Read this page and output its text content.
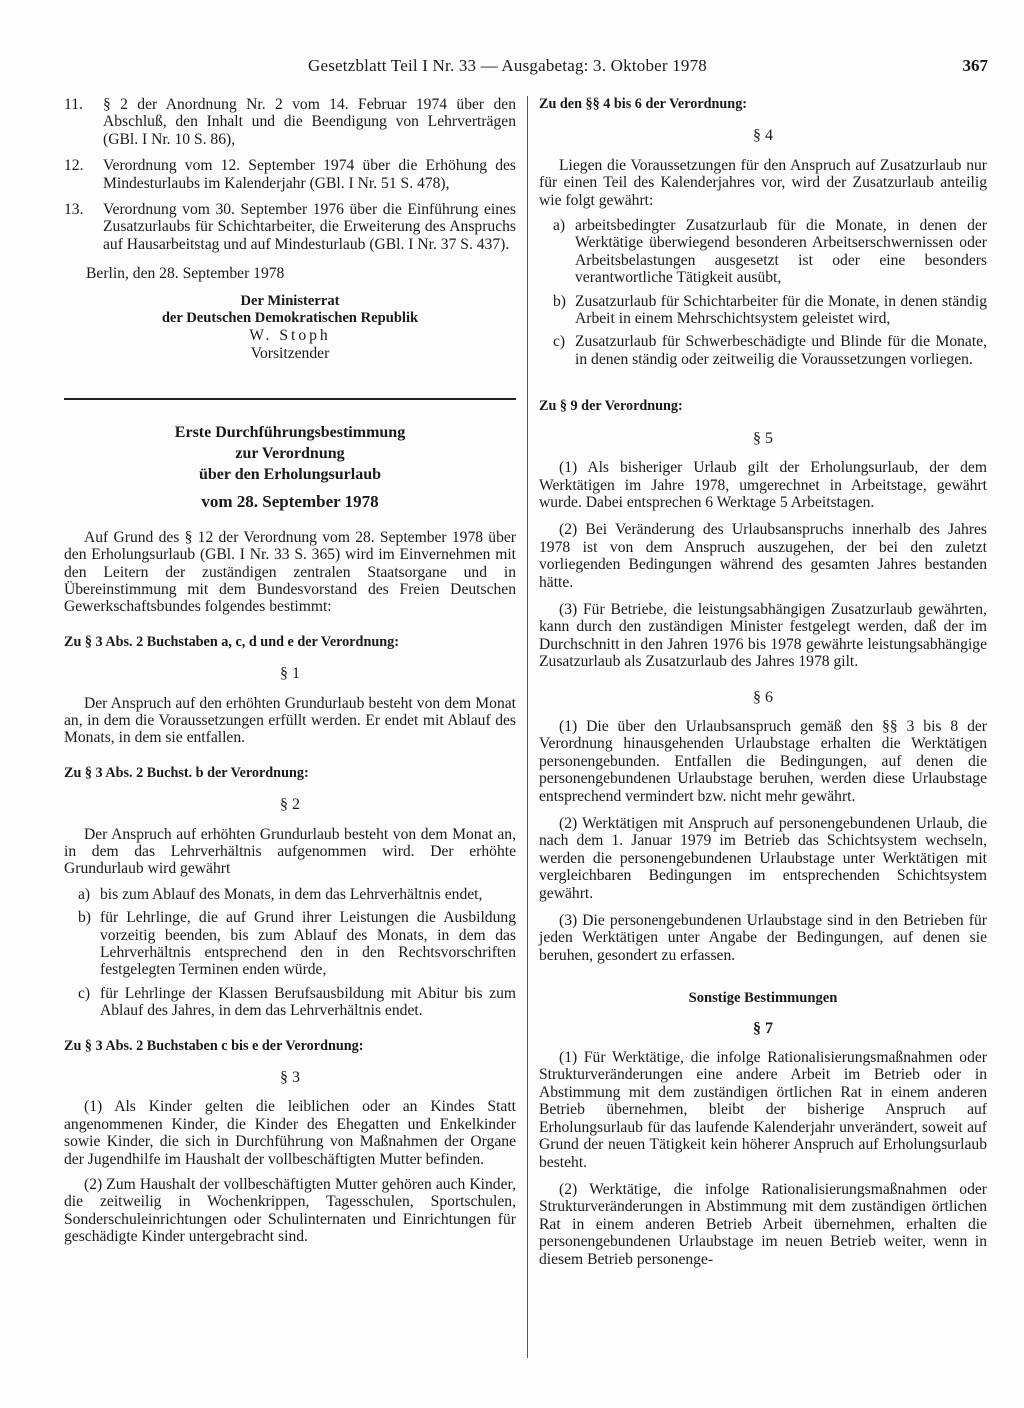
Gesetzblatt Teil I Nr. 33 — Ausgabetag: 3. Oktober 1978	367
11. § 2 der Anordnung Nr. 2 vom 14. Februar 1974 über den Abschluß, den Inhalt und die Beendigung von Lehrverträgen (GBl. I Nr. 10 S. 86),
12. Verordnung vom 12. September 1974 über die Erhöhung des Mindesturlaubs im Kalenderjahr (GBl. I Nr. 51 S. 478),
13. Verordnung vom 30. September 1976 über die Einführung eines Zusatzurlaubs für Schichtarbeiter, die Erweiterung des Anspruchs auf Hausarbeitstag und auf Mindesturlaub (GBl. I Nr. 37 S. 437).

Berlin, den 28. September 1978

Der Ministerrat
der Deutschen Demokratischen Republik
W. Stoph
Vorsitzender
Erste Durchführungsbestimmung
zur Verordnung
über den Erholungsurlaub
vom 28. September 1978

Auf Grund des § 12 der Verordnung vom 28. September 1978 über den Erholungsurlaub (GBl. I Nr. 33 S. 365) wird im Einvernehmen mit den Leitern der zuständigen zentralen Staatsorgane und in Übereinstimmung mit dem Bundesvorstand des Freien Deutschen Gewerkschaftsbundes folgendes bestimmt:

Zu § 3 Abs. 2 Buchstaben a, c, d und e der Verordnung:

§ 1

Der Anspruch auf den erhöhten Grundurlaub besteht von dem Monat an, in dem die Voraussetzungen erfüllt werden. Er endet mit Ablauf des Monats, in dem sie entfallen.

Zu § 3 Abs. 2 Buchst. b der Verordnung:

§ 2

Der Anspruch auf erhöhten Grundurlaub besteht von dem Monat an, in dem das Lehrverhältnis aufgenommen wird. Der erhöhte Grundurlaub wird gewährt

a) bis zum Ablauf des Monats, in dem das Lehrverhältnis endet,
b) für Lehrlinge, die auf Grund ihrer Leistungen die Ausbildung vorzeitig beenden, bis zum Ablauf des Monats, in dem das Lehrverhältnis entsprechend den in den Rechtsvorschriften festgelegten Terminen enden würde,
c) für Lehrlinge der Klassen Berufsausbildung mit Abitur bis zum Ablauf des Jahres, in dem das Lehrverhältnis endet.

Zu § 3 Abs. 2 Buchstaben c bis e der Verordnung:

§ 3

(1) Als Kinder gelten die leiblichen oder an Kindes Statt angenommenen Kinder, die Kinder des Ehegatten und Enkelkinder sowie Kinder, die sich in Durchführung von Maßnahmen der Organe der Jugendhilfe im Haushalt der vollbeschäftigten Mutter befinden.

(2) Zum Haushalt der vollbeschäftigten Mutter gehören auch Kinder, die zeitweilig in Wochenkrippen, Tagesschulen, Sportschulen, Sonderschuleinrichtungen oder Schulinternaten und Einrichtungen für geschädigte Kinder untergebracht sind.

Zu den §§ 4 bis 6 der Verordnung:

§ 4

Liegen die Voraussetzungen für den Anspruch auf Zusatzurlaub nur für einen Teil des Kalenderjahres vor, wird der Zusatzurlaub anteilig wie folgt gewährt:

a) arbeitsbedingter Zusatzurlaub für die Monate, in denen der Werktätige überwiegend besonderen Arbeitserschwernissen oder Arbeitsbelastungen ausgesetzt ist oder eine besonders verantwortliche Tätigkeit ausübt,
b) Zusatzurlaub für Schichtarbeiter für die Monate, in denen ständig Arbeit in einem Mehrschichtsystem geleistet wird,
c) Zusatzurlaub für Schwerbeschädigte und Blinde für die Monate, in denen ständig oder zeitweilig die Voraussetzungen vorliegen.

Zu § 9 der Verordnung:

§ 5

(1) Als bisheriger Urlaub gilt der Erholungsurlaub, der dem Werktätigen im Jahre 1978, umgerechnet in Arbeitstage, gewährt wurde. Dabei entsprechen 6 Werktage 5 Arbeitstagen.

(2) Bei Veränderung des Urlaubsanspruchs innerhalb des Jahres 1978 ist von dem Anspruch auszugehen, der bei den zuletzt vorliegenden Bedingungen während des gesamten Jahres bestanden hätte.

(3) Für Betriebe, die leistungsabhängigen Zusatzurlaub gewährten, kann durch den zuständigen Minister festgelegt werden, daß der im Durchschnitt in den Jahren 1976 bis 1978 gewährte leistungsabhängige Zusatzurlaub als Zusatzurlaub des Jahres 1978 gilt.

§ 6

(1) Die über den Urlaubsanspruch gemäß den §§ 3 bis 8 der Verordnung hinausgehenden Urlaubstage erhalten die Werktätigen personengebunden. Entfallen die Bedingungen, auf denen die personengebundenen Urlaubstage beruhen, werden diese Urlaubstage entsprechend vermindert bzw. nicht mehr gewährt.

(2) Werktätigen mit Anspruch auf personengebundenen Urlaub, die nach dem 1. Januar 1979 im Betrieb das Schichtsystem wechseln, werden die personengebundenen Urlaubstage unter Werktätigen mit vergleichbaren Bedingungen im entsprechenden Schichtsystem gewährt.

(3) Die personengebundenen Urlaubstage sind in den Betrieben für jeden Werktätigen unter Angabe der Bedingungen, auf denen sie beruhen, gesondert zu erfassen.

Sonstige Bestimmungen

§ 7

(1) Für Werktätige, die infolge Rationalisierungsmaßnahmen oder Strukturveränderungen eine andere Arbeit im Betrieb oder in Abstimmung mit dem zuständigen örtlichen Rat in einem anderen Betrieb übernehmen, bleibt der bisherige Anspruch auf Erholungsurlaub für das laufende Kalenderjahr unverändert, soweit auf Grund der neuen Tätigkeit kein höherer Anspruch auf Erholungsurlaub besteht.

(2) Werktätige, die infolge Rationalisierungsmaßnahmen oder Strukturveränderungen in Abstimmung mit dem zuständigen örtlichen Rat in einem anderen Betrieb Arbeit übernehmen, erhalten die personengebundenen Urlaubstage im neuen Betrieb weiter, wenn in diesem Betrieb personenge-
